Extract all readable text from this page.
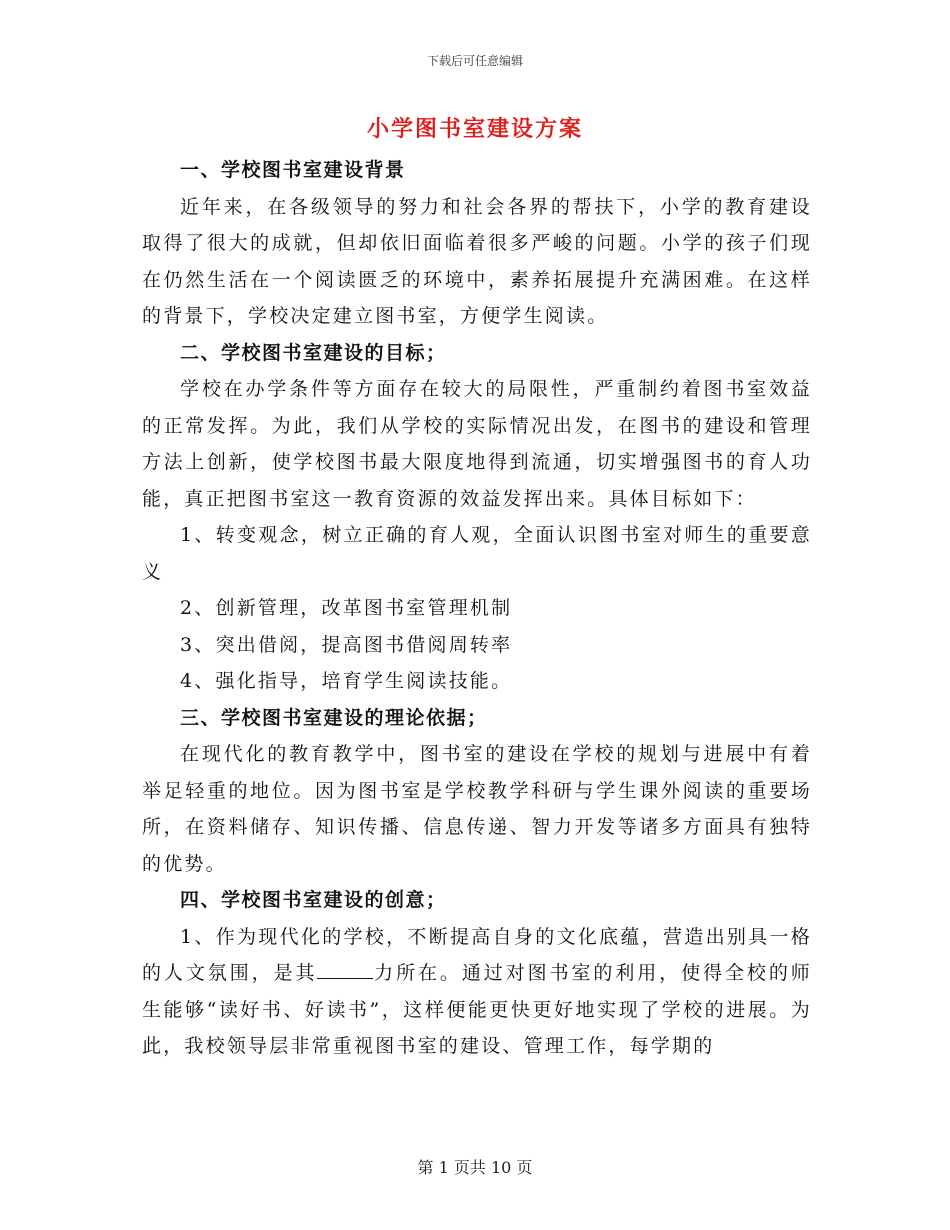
下载后可任意编辑
小学图书室建设方案

一、学校图书室建设背景

近年来，在各级领导的努力和社会各界的帮扶下，小学的教育建设取得了很大的成就，但却依旧面临着很多严峻的问题。小学的孩子们现在仍然生活在一个阅读匮乏的环境中，素养拓展提升充满困难。在这样的背景下，学校决定建立图书室，方便学生阅读。

二、学校图书室建设的目标；

学校在办学条件等方面存在较大的局限性，严重制约着图书室效益的正常发挥。为此，我们从学校的实际情况出发，在图书的建设和管理方法上创新，使学校图书最大限度地得到流通，切实增强图书的育人功能，真正把图书室这一教育资源的效益发挥出来。具体目标如下：

1、转变观念，树立正确的育人观，全面认识图书室对师生的重要意义

2、创新管理，改革图书室管理机制

3、突出借阅，提高图书借阅周转率

4、强化指导，培育学生阅读技能。

三、学校图书室建设的理论依据；

在现代化的教育教学中，图书室的建设在学校的规划与进展中有着举足轻重的地位。因为图书室是学校教学科研与学生课外阅读的重要场所，在资料储存、知识传播、信息传递、智力开发等诸多方面具有独特的优势。

四、学校图书室建设的创意；

1、作为现代化的学校，不断提高自身的文化底蕴，营造出别具一格的人文氛围，是其	力所在。通过对图书室的利用，使得全校的师生能够“读好书、好读书”，这样便能更快更好地实现了学校的进展。为此，我校领导层非常重视图书室的建设、管理工作，每学期的

第 1 页共 10 页
